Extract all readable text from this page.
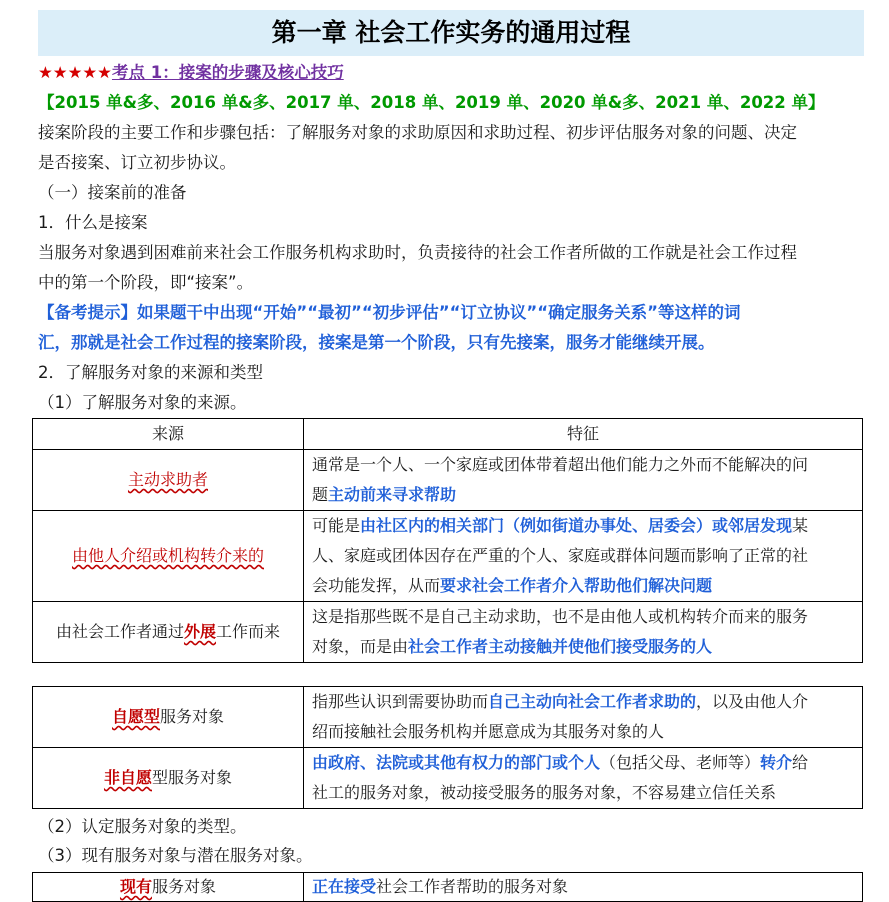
第一章 社会工作实务的通用过程
★★★★★考点 1：接案的步骤及核心技巧
【2015 单&多、2016 单&多、2017 单、2018 单、2019 单、2020 单&多、2021 单、2022 单】
接案阶段的主要工作和步骤包括：了解服务对象的求助原因和求助过程、初步评估服务对象的问题、决定
是否接案、订立初步协议。
（一）接案前的准备
1．什么是接案
当服务对象遇到困难前来社会工作服务机构求助时，负责接待的社会工作者所做的工作就是社会工作过程
中的第一个阶段，即“接案”。
【备考提示】如果题干中出现“开始”“最初”“初步评估”“订立协议”“确定服务关系”等这样的词
汇，那就是社会工作过程的接案阶段，接案是第一个阶段，只有先接案，服务才能继续开展。
2．了解服务对象的来源和类型
（1）了解服务对象的来源。
来源	特征
主动求助者	通常是一个人、一个家庭或团体带着超出他们能力之外而不能解决的问
题主动前来寻求帮助

由他人介绍或机构转介来的	可能是由社区内的相关部门（例如街道办事处、居委会）或邻居发现某
人、家庭或团体因存在严重的个人、家庭或群体问题而影响了正常的社
会功能发挥，从而要求社会工作者介入帮助他们解决问题

由社会工作者通过外展工作而来	这是指那些既不是自己主动求助，也不是由他人或机构转介而来的服务
对象，而是由社会工作者主动接触并使他们接受服务的人
自愿型服务对象	指那些认识到需要协助而自己主动向社会工作者求助的，以及由他人介
绍而接触社会服务机构并愿意成为其服务对象的人

非自愿型服务对象	由政府、法院或其他有权力的部门或个人（包括父母、老师等）转介给
社工的服务对象，被动接受服务的服务对象，不容易建立信任关系
（2）认定服务对象的类型。
（3）现有服务对象与潜在服务对象。
现有服务对象	正在接受社会工作者帮助的服务对象
